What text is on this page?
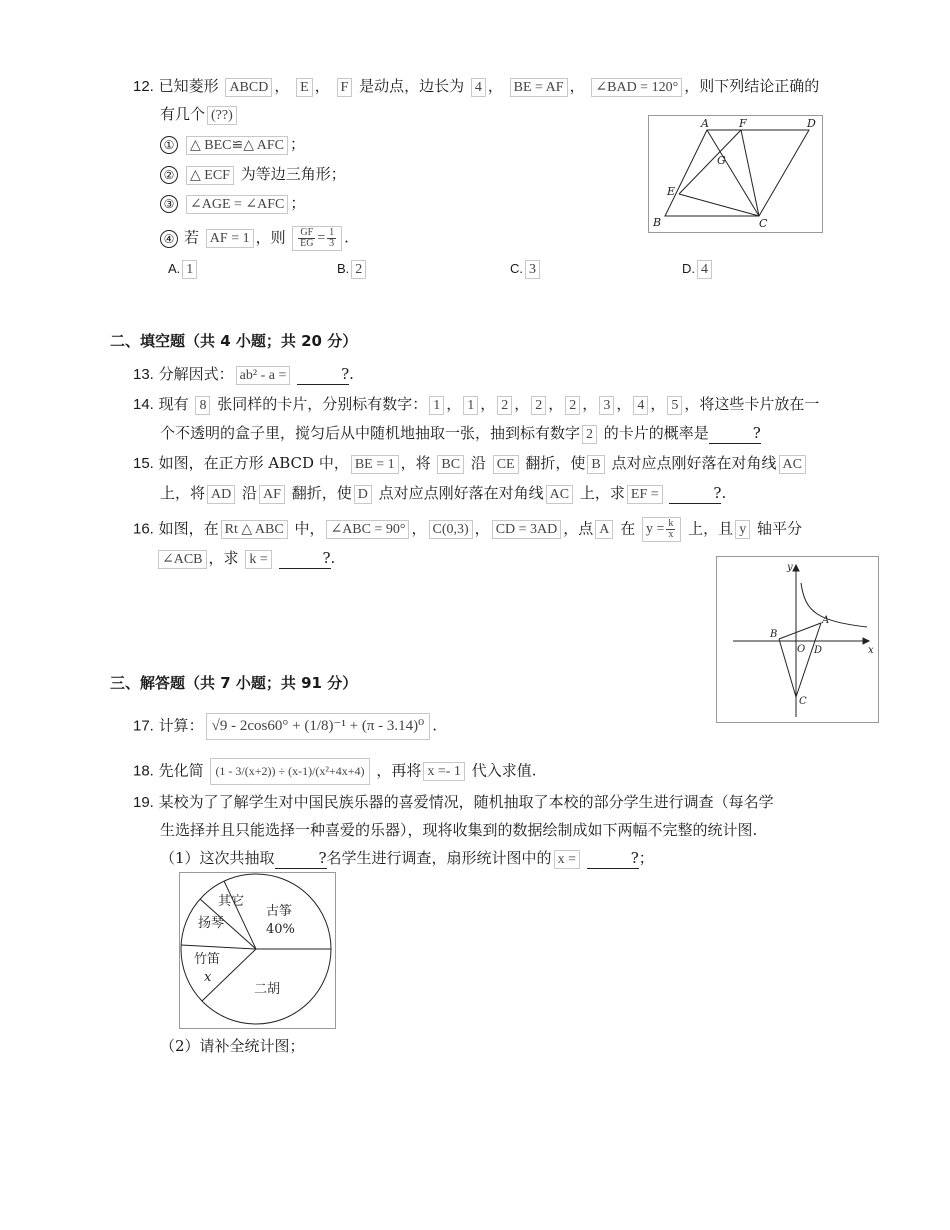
12. 已知菱形 ABCD ， E ， F 是动点，边长为 4 ， BE = AF ， ∠BAD = 120° ，则下列结论正确的
有几个 (??)
① △ BEC≌△ AFC ；
② △ ECF 为等边三角形；
③ ∠AGE = ∠AFC ；
④ 若 AF = 1 ，则 $\frac{GF}{EG} = \frac{1}{3}$ .
A. 1	B. 2	C. 3	D. 4
A	F	D
G
E
B	C
二、填空题（共 4 小题；共 20 分）
13. 分解因式： ab² - a =	?.
14. 现有 8 张同样的卡片，分别标有数字： 1 ， 1 ， 2 ， 2 ， 2 ， 3 ， 4 ， 5 ，将这些卡片放在一
个不透明的盒子里，搅匀后从中随机地抽取一张，抽到标有数字 2 的卡片的概率是	?
15. 如图，在正方形 ABCD 中， BE = 1 ，将 BC 沿 CE 翻折，使 B 点对应点刚好落在对角线 AC
上，将 AD 沿 AF 翻折，使 D 点对应点刚好落在对角线 AC 上，求 EF =	?.
16. 如图，在 Rt △ ABC 中， ∠ABC = 90° ， C(0,3) ， CD = 3AD ，点 A 在 $y = \frac{k}{x}$ 上，且 y 轴平分
∠ACB ，求 k =	?.
y
x
A
B
O D
C
三、解答题（共 7 小题；共 91 分）
17. 计算： √9 - 2cos60° + (1/8)⁻¹ + (π - 3.14)⁰ .
18. 先化简 (1 - 3/(x+2)) ÷ (x-1)/(x²+4x+4) ，再将 x =- 1 代入求值.
19. 某校为了了解学生对中国民族乐器的喜爱情况，随机抽取了本校的部分学生进行调查（每名学
生选择并且只能选择一种喜爱的乐器），现将收集到的数据绘制成如下两幅不完整的统计图.
（1）这次共抽取	?名学生进行调查，扇形统计图中的 x =	?；
其它
扬琴
古筝
40%
竹笛
x
二胡
（2）请补全统计图；
